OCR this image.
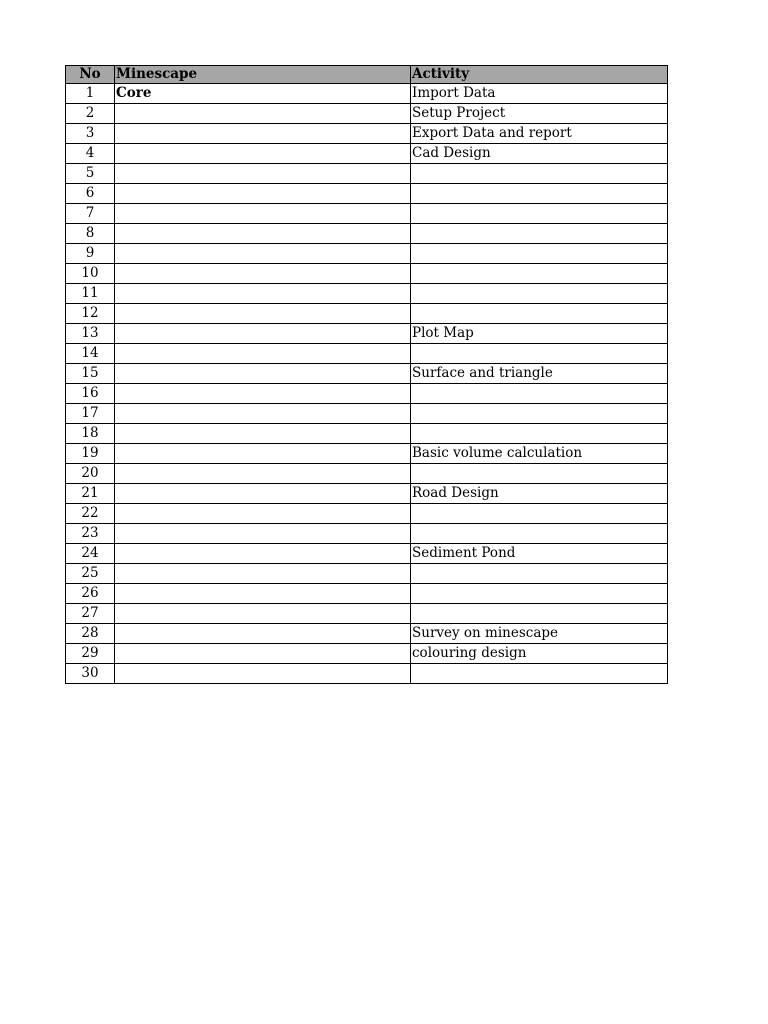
No	Minescape	Activity
1	Core	Import Data
2		Setup Project
3		Export Data and report
4		Cad Design
5		
6		
7		
8		
9		
10		
11		
12		
13		Plot Map
14		
15		Surface and triangle
16		
17		
18		
19		Basic volume calculation
20		
21		Road Design
22		
23		
24		Sediment Pond
25		
26		
27		
28		Survey on minescape
29		colouring design
30		
